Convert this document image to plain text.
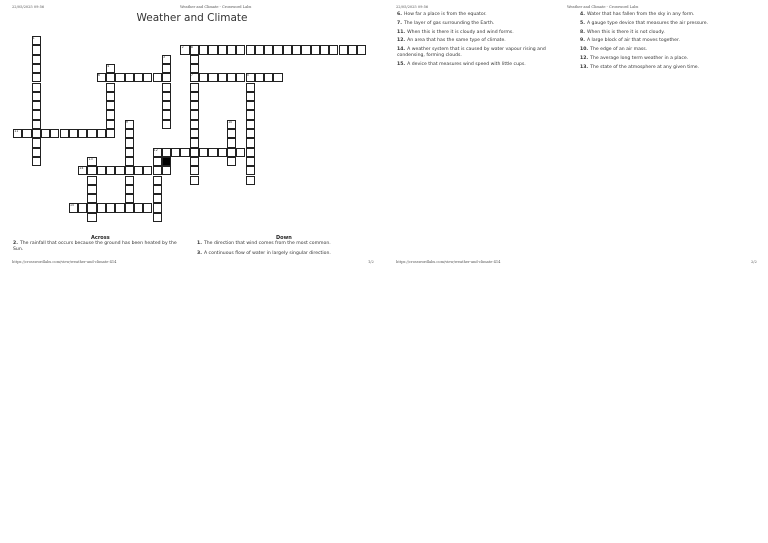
22/05/2025 09:56	Weather and Climate - Crossword Labs
Weather and Climate
1
2
3
4
5
6	7
8
9	10
11
12
13
14
15
Across	Down
2. The rainfall that occurs because the ground has been heated by the Sun.
1. The direction that wind comes from the most common.
3. A continuous flow of water in largely singular direction.
https://crosswordlabs.com/view/weather-and-climate-414	1/2
22/05/2025 09:56	Weather and Climate - Crossword Labs
6. How far a place is from the equator.
7. The layer of gas surrounding the Earth.
11. When this is there it is cloudy and wind forms.
12. An area that has the same type of climate.
14. A weather system that is caused by water vapour rising and condensing, forming clouds.
15. A device that measures wind speed with little cups.
4. Water that has fallen from the sky in any form.
5. A gauge type device that measures the air pressure.
8. When this is there it is not cloudy.
9. A large block of air that moves together.
10. The edge of an air mass.
12. The average long term weather in a place.
13. The state of the atmosphere at any given time.
https://crosswordlabs.com/view/weather-and-climate-414	2/2
